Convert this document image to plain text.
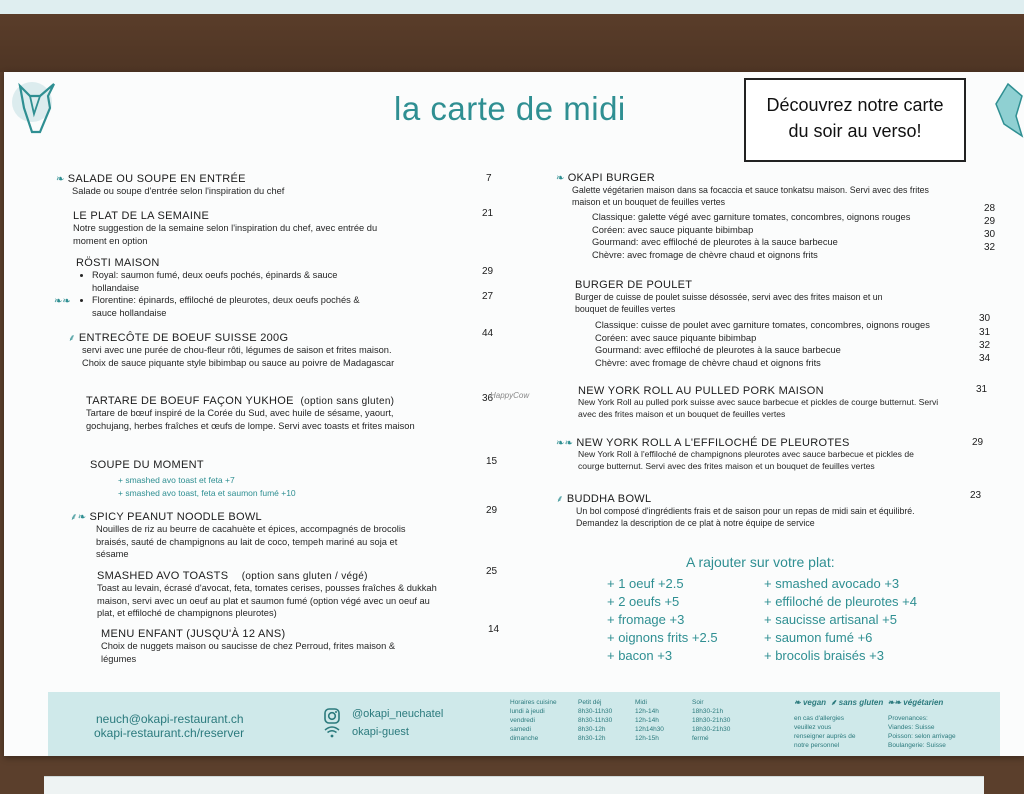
la carte de midi	Découvrez notre carte
du soir au verso!
❧ SALADE OU SOUPE EN ENTRÉE
Salade ou soupe d'entrée selon l'inspiration du chef
7
LE PLAT DE LA SEMAINE
Notre suggestion de la semaine selon l'inspiration du chef, avec entrée du moment en option
21
RÖSTI MAISON
• Royal: saumon fumé, deux oeufs pochés, épinards & sauce hollandaise
• Florentine: épinards, effiloché de pleurotes, deux oeufs pochés & sauce hollandaise
❧❧
29
27
⸙ ENTRECÔTE DE BOEUF SUISSE 200G
servi avec une purée de chou-fleur rôti, légumes de saison et frites maison. Choix de sauce piquante style bibimbap ou sauce au poivre de Madagascar
44
TARTARE DE BOEUF FAÇON YUKHOE (option sans gluten)
Tartare de bœuf inspiré de la Corée du Sud, avec huile de sésame, yaourt, gochujang, herbes fraîches et œufs de lompe. Servi avec toasts et frites maison
36
HappyCow
SOUPE DU MOMENT
+ smashed avo toast et feta +7
+ smashed avo toast, feta et saumon fumé +10
15
⸙❧ SPICY PEANUT NOODLE BOWL
Nouilles de riz au beurre de cacahuète et épices, accompagnés de brocolis braisés, sauté de champignons au lait de coco, tempeh mariné au soja et sésame
29
SMASHED AVO TOASTS (option sans gluten / végé)
Toast au levain, écrasé d'avocat, feta, tomates cerises, pousses fraîches & dukkah maison, servi avec un oeuf au plat et saumon fumé (option végé avec un oeuf au plat, et effiloché de champignons pleurotes)
25
MENU ENFANT (JUSQU'À 12 ANS)
Choix de nuggets maison ou saucisse de chez Perroud, frites maison & légumes
14
❧ OKAPI BURGER
Galette végétarien maison dans sa focaccia et sauce tonkatsu maison. Servi avec des frites maison et un bouquet de feuilles vertes
Classique: galette végé avec garniture tomates, concombres, oignons rouges
Coréen: avec sauce piquante bibimbap
Gourmand: avec effiloché de pleurotes à la sauce barbecue
Chèvre: avec fromage de chèvre chaud et oignons frits
28
29
30
32
BURGER DE POULET
Burger de cuisse de poulet suisse désossée, servi avec des frites maison et un bouquet de feuilles vertes
Classique: cuisse de poulet avec garniture tomates, concombres, oignons rouges
Coréen: avec sauce piquante bibimbap
Gourmand: avec effiloché de pleurotes à la sauce barbecue
Chèvre: avec fromage de chèvre chaud et oignons frits
30
31
32
34
NEW YORK ROLL AU PULLED PORK MAISON
New York Roll au pulled pork suisse avec sauce barbecue et pickles de courge butternut. Servi avec des frites maison et un bouquet de feuilles vertes
31
❧❧ NEW YORK ROLL A L'EFFILOCHÉ DE PLEUROTES
New York Roll à l'effiloché de champignons pleurotes avec sauce barbecue et pickles de courge butternut. Servi avec des frites maison et un bouquet de feuilles vertes
29
⸙ BUDDHA BOWL
Un bol composé d'ingrédients frais et de saison pour un repas de midi sain et équilibré. Demandez la description de ce plat à notre équipe de service
23
A rajouter sur votre plat:
+ 1 oeuf +2.5
+ 2 oeufs +5
+ fromage +3
+ oignons frits +2.5
+ bacon +3
+ smashed avocado +3
+ effiloché de pleurotes +4
+ saucisse artisanal +5
+ saumon fumé +6
+ brocolis braisés +3
neuch@okapi-restaurant.ch
okapi-restaurant.ch/reserver
@okapi_neuchatel
okapi-guest
Horaires cuisine
lundi à jeudi
vendredi
samedi
dimanche
Petit déj
8h30-11h30
8h30-11h30
8h30-12h
8h30-12h
Midi
12h-14h
12h-14h
12h14h30
12h-15h
Soir
18h30-21h
18h30-21h30
18h30-21h30
fermé
❧ vegan ⸙ sans gluten ❧❧ végétarien
en cas d'allergies
veuillez vous
renseigner auprès de
notre personnel
Provenances:
Viandes: Suisse
Poisson: selon arrivage
Boulangerie: Suisse
